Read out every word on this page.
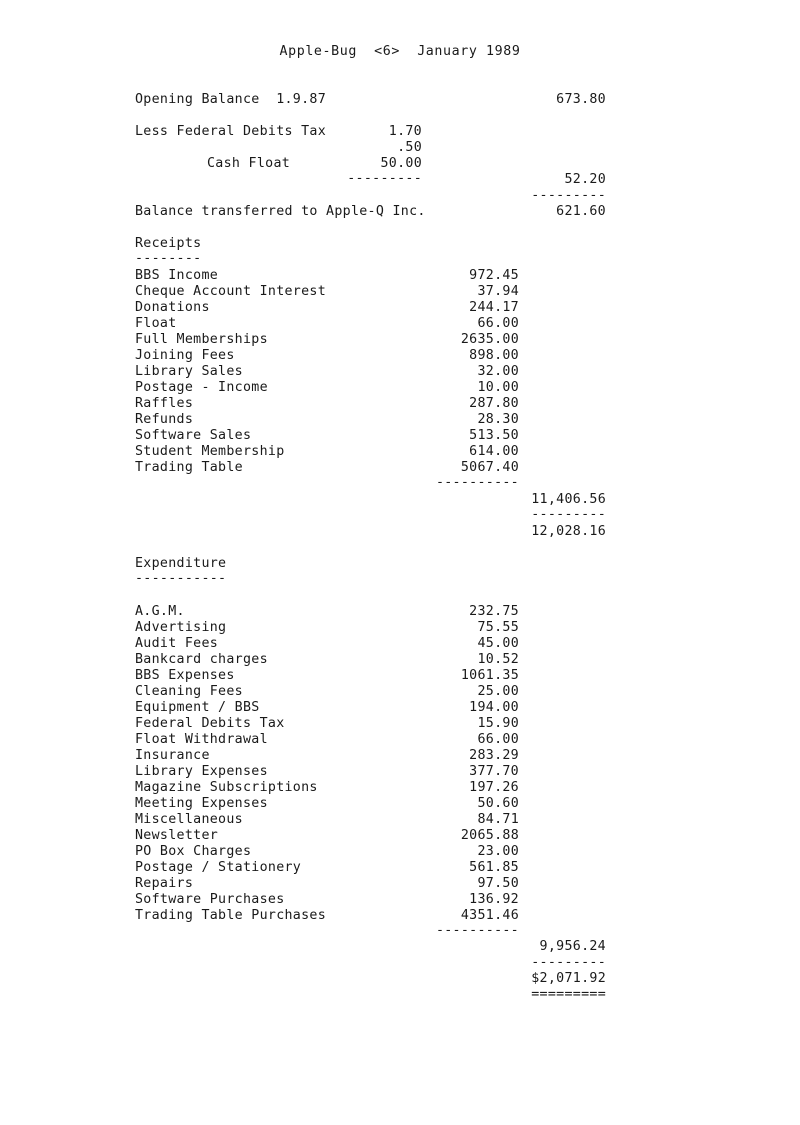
Apple-Bug  <6>  January 1989
Opening Balance  1.9.87	673.80
Less Federal Debits Tax	1.70
.50
Cash Float	50.00
---------	52.20
---------
Balance transferred to Apple-Q Inc.	621.60
Receipts
--------
BBS Income	972.45
Cheque Account Interest	37.94
Donations	244.17
Float	66.00
Full Memberships	2635.00
Joining Fees	898.00
Library Sales	32.00
Postage - Income	10.00
Raffles	287.80
Refunds	28.30
Software Sales	513.50
Student Membership	614.00
Trading Table	5067.40
----------
11,406.56
---------
12,028.16
Expenditure
-----------
A.G.M.	232.75
Advertising	75.55
Audit Fees	45.00
Bankcard charges	10.52
BBS Expenses	1061.35
Cleaning Fees	25.00
Equipment / BBS	194.00
Federal Debits Tax	15.90
Float Withdrawal	66.00
Insurance	283.29
Library Expenses	377.70
Magazine Subscriptions	197.26
Meeting Expenses	50.60
Miscellaneous	84.71
Newsletter	2065.88
PO Box Charges	23.00
Postage / Stationery	561.85
Repairs	97.50
Software Purchases	136.92
Trading Table Purchases	4351.46
----------
9,956.24
---------
$2,071.92
=========
